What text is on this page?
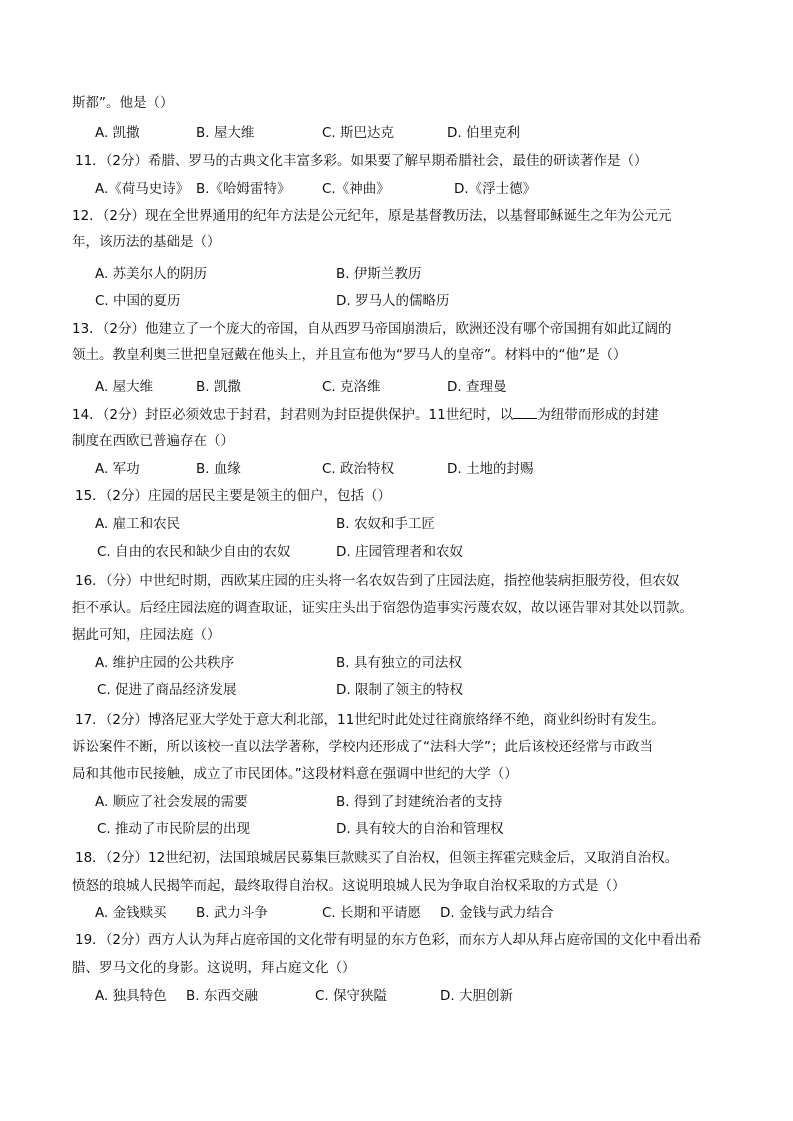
斯都”。他是（）
A. 凯撒	B. 屋大维	C. 斯巴达克	D. 伯里克利
11．（2分）希腊、罗马的古典文化丰富多彩。如果要了解早期希腊社会，最佳的研读著作是（）
A.《荷马史诗》 B.《哈姆雷特》 C.《神曲》	D.《浮士德》
12．（2分）现在全世界通用的纪年方法是公元纪年，原是基督教历法，以基督耶稣诞生之年为公元元
年，该历法的基础是（）
A. 苏美尔人的阴历	B. 伊斯兰教历
C. 中国的夏历	D. 罗马人的儒略历
13．（2分）他建立了一个庞大的帝国，自从西罗马帝国崩溃后，欧洲还没有哪个帝国拥有如此辽阔的
领土。教皇利奥三世把皇冠戴在他头上，并且宣布他为“罗马人的皇帝”。材料中的“他”是（）
A. 屋大维	B. 凯撒	C. 克洛维	D. 查理曼
14．（2分）封臣必须效忠于封君，封君则为封臣提供保护。11世纪时，以 为纽带而形成的封建
制度在西欧已普遍存在（）
A. 军功	B. 血缘	C. 政治特权	D. 土地的封赐
15．（2分）庄园的居民主要是领主的佃户，包括（）
A. 雇工和农民	B. 农奴和手工匠
C. 自由的农民和缺少自由的农奴	D. 庄园管理者和农奴
16．（分）中世纪时期，西欧某庄园的庄头将一名农奴告到了庄园法庭，指控他装病拒服劳役，但农奴
拒不承认。后经庄园法庭的调查取证，证实庄头出于宿怨伪造事实污蔑农奴，故以诬告罪对其处以罚款。
据此可知，庄园法庭（）
A. 维护庄园的公共秩序	B. 具有独立的司法权
C. 促进了商品经济发展	D. 限制了领主的特权
17．（2分）博洛尼亚大学处于意大利北部，11世纪时此处过往商旅络绎不绝，商业纠纷时有发生。
诉讼案件不断，所以该校一直以法学著称，学校内还形成了“法科大学”；此后该校还经常与市政当
局和其他市民接触，成立了市民团体。”这段材料意在强调中世纪的大学（）
A. 顺应了社会发展的需要	B. 得到了封建统治者的支持
C. 推动了市民阶层的出现	D. 具有较大的自治和管理权
18．（2分）12世纪初，法国琅城居民募集巨款赎买了自治权，但领主挥霍完赎金后，又取消自治权。
愤怒的琅城人民揭竿而起，最终取得自治权。这说明琅城人民为争取自治权采取的方式是（）
A. 金钱赎买 B. 武力斗争	C. 长期和平请愿 D. 金钱与武力结合
19．（2分）西方人认为拜占庭帝国的文化带有明显的东方色彩，而东方人却从拜占庭帝国的文化中看出希
腊、罗马文化的身影。这说明，拜占庭文化（）
A. 独具特色 B. 东西交融	C. 保守狭隘	D. 大胆创新
